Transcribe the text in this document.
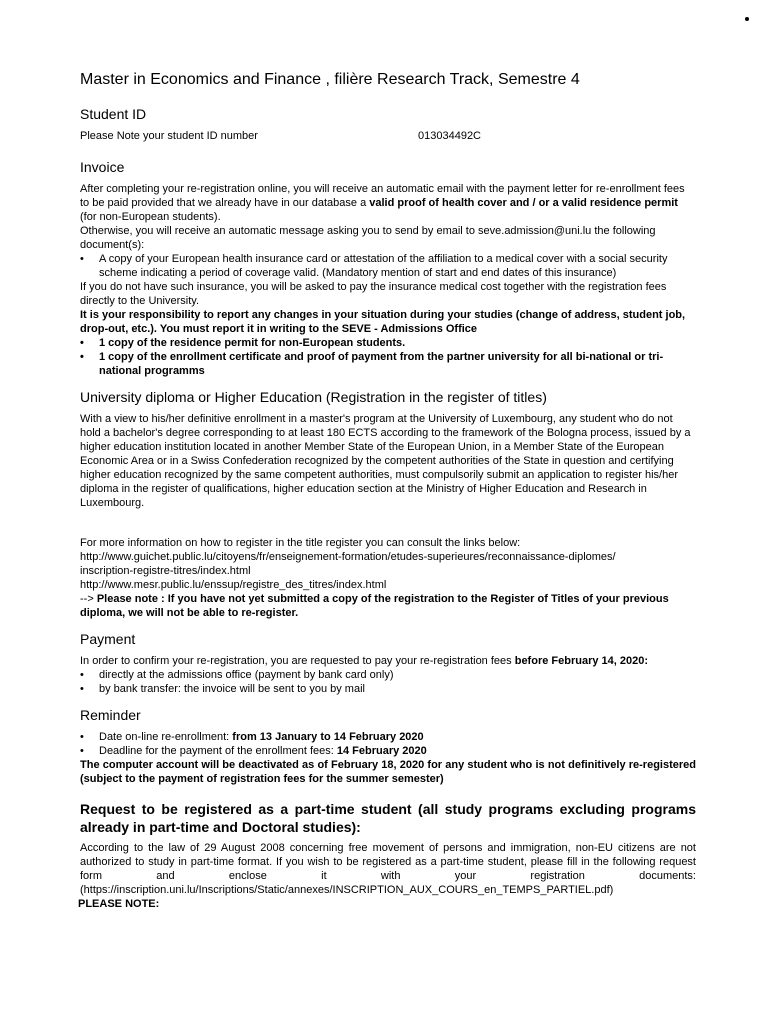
Master in Economics and Finance , filière Research Track, Semestre 4
Student ID
Please Note your student ID number	013034492C
Invoice

After completing your re-registration online, you will receive an automatic email with the payment letter for re-enrollment fees to be paid provided that we already have in our database a valid proof of health cover and / or a valid residence permit (for non-European students).

Otherwise, you will receive an automatic message asking you to send by email to seve.admission@uni.lu the following document(s):

• A copy of your European health insurance card or attestation of the affiliation to a medical cover with a social security scheme indicating a period of coverage valid. (Mandatory mention of start and end dates of this insurance)

If you do not have such insurance, you will be asked to pay the insurance medical cost together with the registration fees directly to the University.

It is your responsibility to report any changes in your situation during your studies (change of address, student job, drop-out, etc.). You must report it in writing to the SEVE - Admissions Office

• 1 copy of the residence permit for non-European students.
• 1 copy of the enrollment certificate and proof of payment from the partner university for all bi-national or tri-national programms
University diploma or Higher Education (Registration in the register of titles)

With a view to his/her definitive enrollment in a master's program at the University of Luxembourg, any student who do not hold a bachelor's degree corresponding to at least 180 ECTS according to the framework of the Bologna process, issued by a higher education institution located in another Member State of the European Union, in a Member State of the European Economic Area or in a Swiss Confederation recognized by the competent authorities of the State in question and certifying higher education recognized by the same competent authorities, must compulsorily submit an application to register his/her diploma in the register of qualifications, higher education section at the Ministry of Higher Education and Research in Luxembourg.

For more information on how to register in the title register you can consult the links below:

http://www.guichet.public.lu/citoyens/fr/enseignement-formation/etudes-superieures/reconnaissance-diplomes/
inscription-registre-titres/index.html
http://www.mesr.public.lu/enssup/registre_des_titres/index.html

--> Please note : If you have not yet submitted a copy of the registration to the Register of Titles of your previous diploma, we will not be able to re-register.

Payment

In order to confirm your re-registration, you are requested to pay your re-registration fees before February 14, 2020:

• directly at the admissions office (payment by bank card only)
• by bank transfer: the invoice will be sent to you by mail
Reminder
• Date on-line re-enrollment: from 13 January to 14 February 2020
• Deadline for the payment of the enrollment fees: 14 February 2020

The computer account will be deactivated as of February 18, 2020 for any student who is not definitively re-registered (subject to the payment of registration fees for the summer semester)

Request to be registered as a part-time student (all study programs excluding programs already in part-time and Doctoral studies):

According to the law of 29 August 2008 concerning free movement of persons and immigration, non-EU citizens are not authorized to study in part-time format. If you wish to be registered as a part-time student, please fill in the following request form and enclose it with your registration documents:(https://inscription.uni.lu/Inscriptions/Static/annexes/INSCRIPTION_AUX_COURS_en_TEMPS_PARTIEL.pdf)

PLEASE NOTE:
